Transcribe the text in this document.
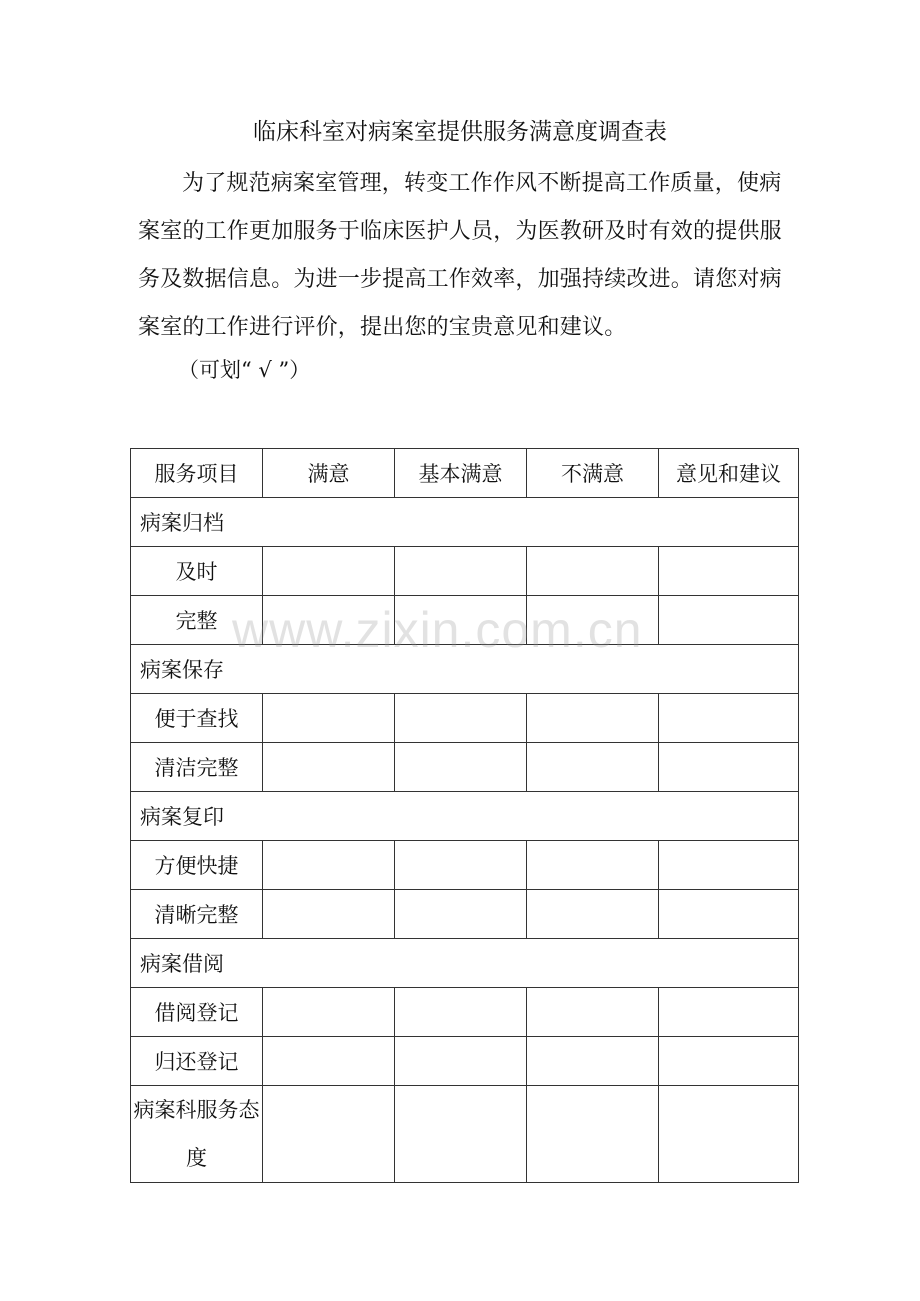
临床科室对病案室提供服务满意度调查表

为了规范病案室管理，转变工作作风不断提高工作质量，使病案室的工作更加服务于临床医护人员，为医教研及时有效的提供服务及数据信息。为进一步提高工作效率，加强持续改进。请您对病案室的工作进行评价，提出您的宝贵意见和建议。

（可划“ √ ”）

服务项目	满意	基本满意	不满意	意见和建议
病案归档				
及时				
完整				
病案保存				
便于查找				
清洁完整				
病案复印				
方便快捷				
清晰完整				
病案借阅				
借阅登记				
归还登记				
病案科服务态度				
www.zixin.com.cn
